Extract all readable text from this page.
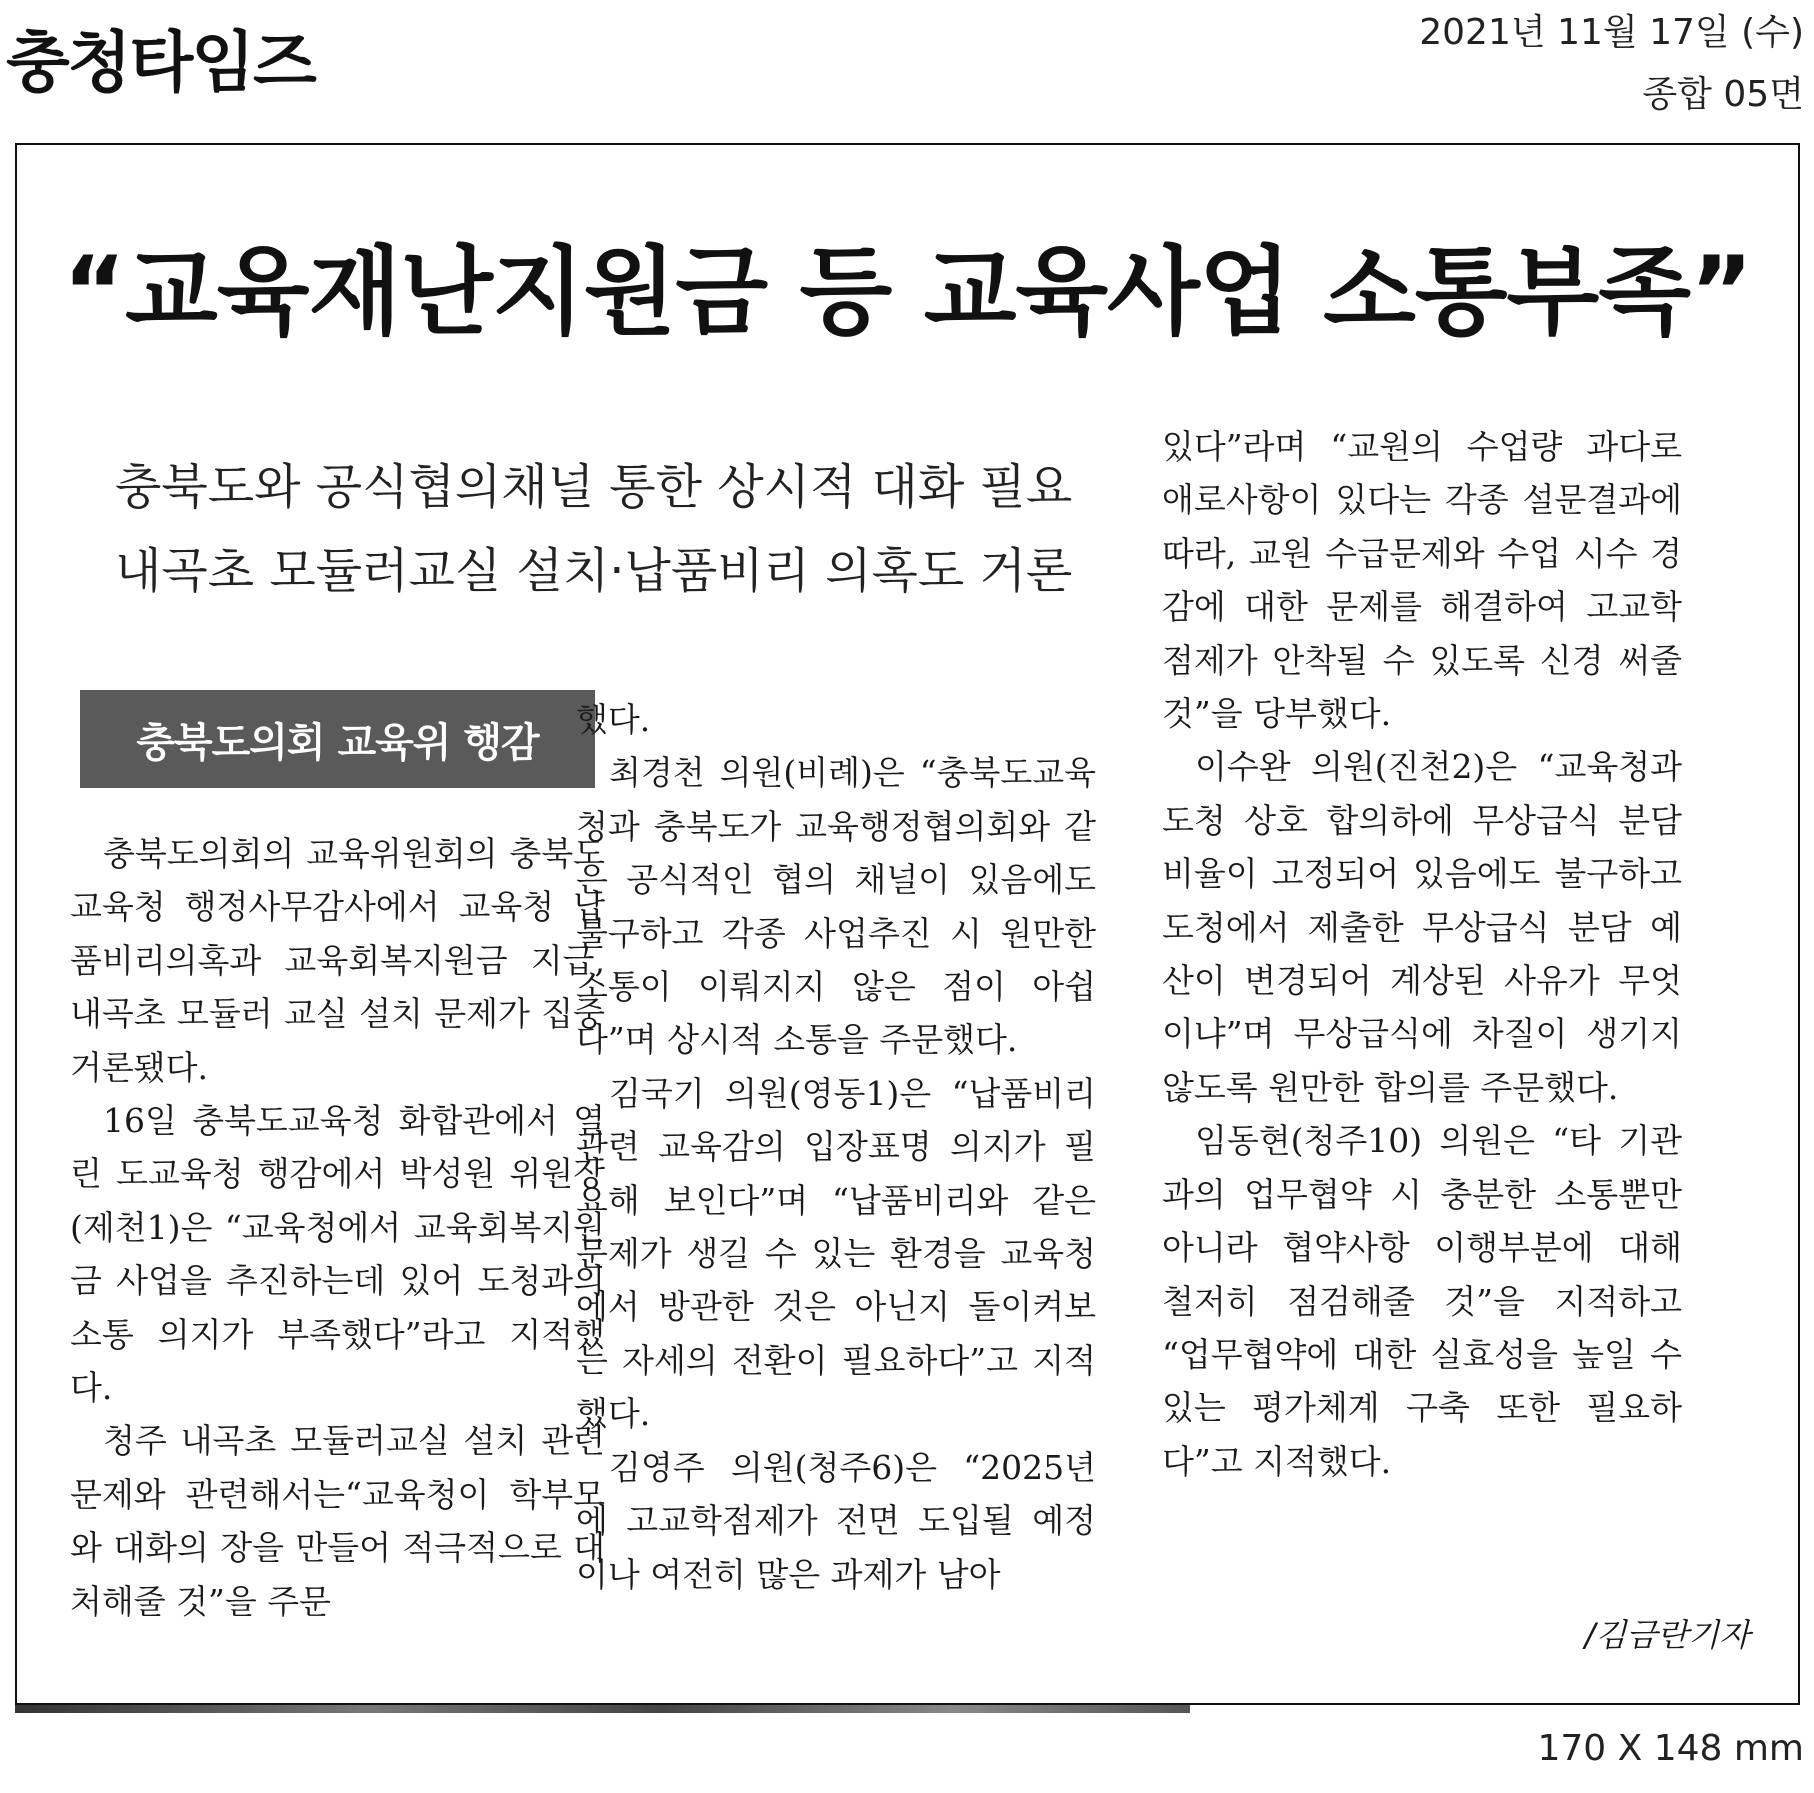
충청타임즈	2021년 11월 17일 (수)
종합 05면
“교육재난지원금 등 교육사업 소통부족”
충북도와 공식협의채널 통한 상시적 대화 필요
내곡초 모듈러교실 설치·납품비리 의혹도 거론
충북도의회 교육위 행감

충북도의회의 교육위원회의 충북도교육청 행정사무감사에서 교육청 납품비리의혹과 교육회복지원금 지급, 내곡초 모듈러 교실 설치 문제가 집중 거론됐다.

16일 충북도교육청 화합관에서 열린 도교육청 행감에서 박성원 위원장(제천1)은 “교육청에서 교육회복지원금 사업을 추진하는데 있어 도청과의 소통 의지가 부족했다”라고 지적했다.

청주 내곡초 모듈러교실 설치 관련 문제와 관련해서는“교육청이 학부모와 대화의 장을 만들어 적극적으로 대처해줄 것”을 주문

했다.

최경천 의원(비례)은 “충북도교육청과 충북도가 교육행정협의회와 같은 공식적인 협의 채널이 있음에도 불구하고 각종 사업추진 시 원만한 소통이 이뤄지지 않은 점이 아쉽다”며 상시적 소통을 주문했다.

김국기 의원(영동1)은 “납품비리 관련 교육감의 입장표명 의지가 필요해 보인다”며 “납품비리와 같은 문제가 생길 수 있는 환경을 교육청에서 방관한 것은 아닌지 돌이켜보는 자세의 전환이 필요하다”고 지적했다.

김영주 의원(청주6)은 “2025년에 고교학점제가 전면 도입될 예정이나 여전히 많은 과제가 남아

있다”라며 “교원의 수업량 과다로 애로사항이 있다는 각종 설문결과에 따라, 교원 수급문제와 수업 시수 경감에 대한 문제를 해결하여 고교학점제가 안착될 수 있도록 신경 써줄 것”을 당부했다.

이수완 의원(진천2)은 “교육청과 도청 상호 합의하에 무상급식 분담 비율이 고정되어 있음에도 불구하고 도청에서 제출한 무상급식 분담 예산이 변경되어 계상된 사유가 무엇이냐”며 무상급식에 차질이 생기지 않도록 원만한 합의를 주문했다.

임동현(청주10) 의원은 “타 기관과의 업무협약 시 충분한 소통뿐만 아니라 협약사항 이행부분에 대해 철저히 점검해줄 것”을 지적하고 “업무협약에 대한 실효성을 높일 수 있는 평가체계 구축 또한 필요하다”고 지적했다.

/김금란기자
170 X 148 mm
